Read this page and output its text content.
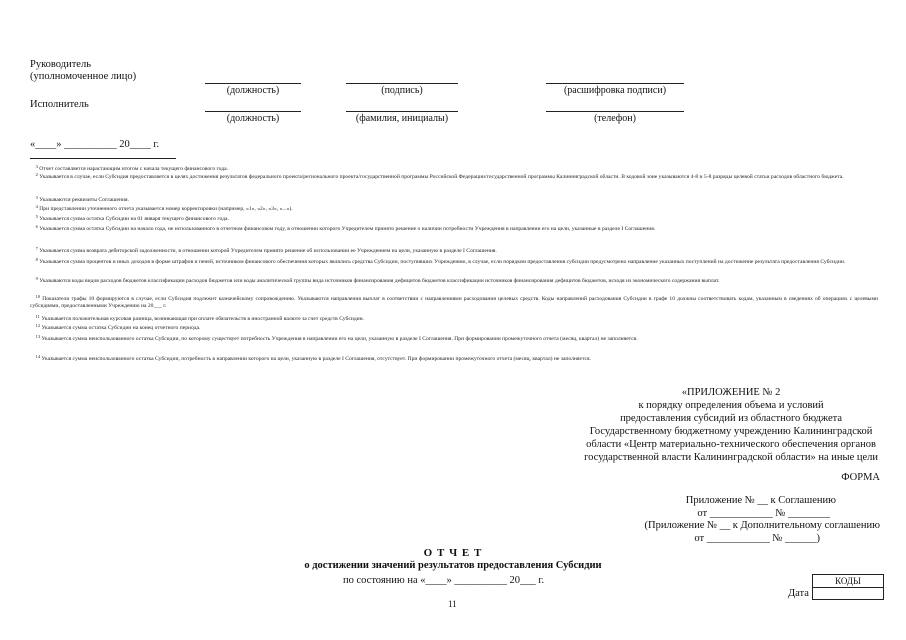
Руководитель
(уполномоченное лицо)
(должность)	(подпись)	(расшифровка подписи)
Исполнитель
(должность)	(фамилия, инициалы)	(телефон)
«____» __________ 20____ г.
 $^3$ Отчет составляется нарастающим итогом с начала текущего финансового года.
 $^2$ Указывается в случае, если Субсидия предоставляется в целях достижения результатов федерального проекта/регионального проекта/государственной программы Российской Федерации/государственной программы Калининградской области. В кодовой зоне указываются 4-8 и 5-8 разряды целевой статьи расходов областного бюджета.
 $^3$ Указываются реквизиты Соглашения.
 $^4$ При представлении уточненного отчета указывается номер корректировки (например, «1», «2», «3», «...»).
 $^5$ Указывается сумма остатка Субсидии на 01 января текущего финансового года.
 $^6$ Указывается сумма остатка Субсидии на начало года, не использованного в отчетном финансовом году, в отношении которого Учредителем принято решение о наличии потребности Учреждения в направлении его на цели, указанные в разделе I Соглашения.
 $^7$ Указывается сумма возврата дебиторской задолженности, в отношении которой Учредителем принято решение об использовании ее Учреждением на цели, указанную в разделе I Соглашения.
 $^8$ Указывается сумма процентов и иных доходов в форме штрафов и пеней, источником финансового обеспечения которых являлись средства Субсидии, поступивших Учреждению, в случае, если порядком предоставления субсидии предусмотрено направление указанных поступлений на достижение результата предоставления Субсидии.
 $^9$ Указываются коды видов расходов бюджетов классификации расходов бюджетов или коды аналитической группы вида источников финансирования дефицитов бюджетов классификации источников финансирования дефицитов бюджетов, исходя из экономического содержания выплат.
 $^{10}$ Показатели графы 10 формируются в случае, если Субсидия подлежит казначейскому сопровождению. Указываются направления выплат в соответствии с направлениями расходования целевых средств. Коды направлений расходования Субсидии в графе 10 должны соответствовать кодам, указанным в сведениях об операциях с целевыми субсидиями, предоставленными Учреждению на 20___ г.
 $^{11}$ Указывается положительная курсовая разница, возникающая при оплате обязательств в иностранной валюте за счет средств Субсидии.
 $^{12}$ Указывается сумма остатка Субсидии на конец отчетного периода.
 $^{13}$ Указывается сумма неиспользованного остатка Субсидии, по которому существует потребность Учреждения в направлении его на цели, указанную в разделе I Соглашения. При формировании промежуточного отчета (месяц, квартал) не заполняется.
 $^{14}$ Указывается сумма неиспользованного остатка Субсидии, потребность в направлении которого на цели, указанную в разделе I Соглашения, отсутствует. При формировании промежуточного отчета (месяц, квартал) не заполняется.
«ПРИЛОЖЕНИЕ № 2
к порядку определения объема и условий
предоставления субсидий из областного бюджета
Государственному бюджетному учреждению Калининградской
области «Центр материально-технического обеспечения органов
государственной власти Калининградской области» на иные цели
ФОРМА
Приложение № __ к Соглашению
от ____________ № ________
(Приложение № __ к Дополнительному соглашению
от ____________ № ______)
О Т Ч Е Т
о достижении значений результатов предоставления Субсидии
по состоянию на «____» __________ 20___ г.	КОДЫ
Дата
11
